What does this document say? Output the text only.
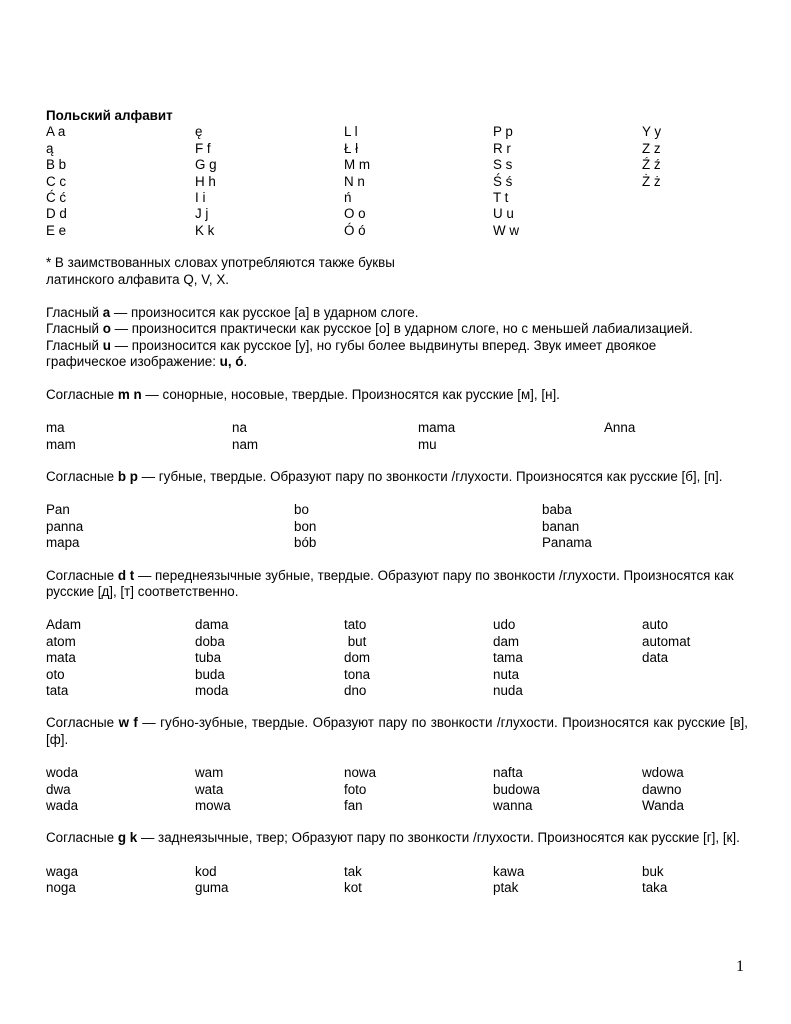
Польский алфавит
A a	ę	L l	P p	Y y
ą	F f	Ł ł	R r	Z z
B b	G g	M m	S s	Ź ź
C c	H h	N n	Ś ś	Ż ż
Ć ć	I i	ń	T t
D d	J j	O o	U u
E e	K k	Ó ó	W w

* В заимствованных словах употребляются также буквы

латинского алфавита Q, V, X.

Гласный a — произносится как русское [а] в ударном слоге.

Гласный o — произносится практически как русское [о] в ударном слоге, но с меньшей лабиализацией.

Гласный u — произносится как русское [у], но губы более выдвинуты вперед. Звук имеет двоякое

графическое изображение: u, ó.

Согласные m n — сонорные, носовые, твердые. Произносятся как русские [м], [н].

ma	na	mama	Anna
mam	nam	mu

Согласные b p — губные, твердые. Образуют пару по звонкости /глухости. Произносятся как русские [б], [п].

Pan	bo	baba
panna	bon	banan
mapa	bób	Panama

Согласные d t — переднеязычные зубные, твердые. Образуют пару по звонкости /глухости. Произносятся как русские [д], [т] соответственно.

Adam	dama	tato	udo	auto
atom	doba	but	dam	automat
mata	tuba	dom	tama	data
oto	buda	tona	nuta
tata	moda	dno	nuda

Согласные w f — губно-зубные, твердые. Образуют пару по звонкости /глухости. Произносятся как русские [в], [ф].

woda	wam	nowa	nafta	wdowa
dwa	wata	foto	budowa	dawno
wada	mowa	fan	wanna	Wanda

Согласные g k — заднеязычные, твер; Образуют пару по звонкости /глухости. Произносятся как русские [г], [к].

waga	kod	tak	kawa	buk
noga	guma	kot	ptak	taka
1
